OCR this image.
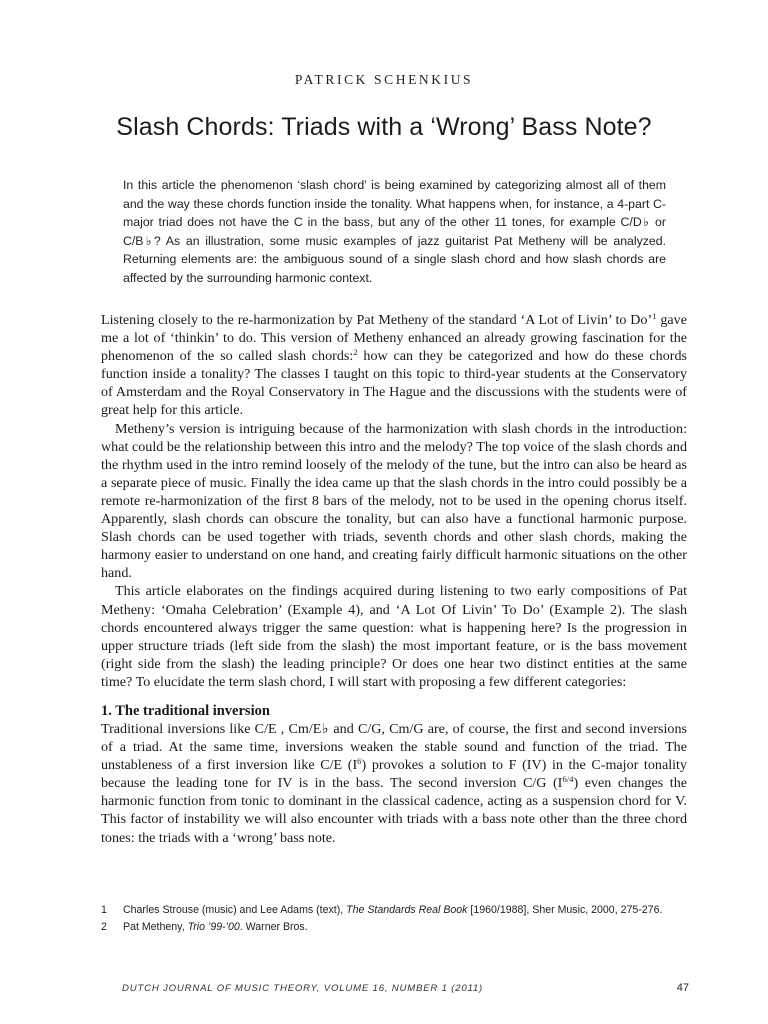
PATRICK SCHENKIUS
Slash Chords: Triads with a ‘Wrong’ Bass Note?

In this article the phenomenon ‘slash chord’ is being examined by categorizing almost all of them and the way these chords function inside the tonality. What happens when, for instance, a 4-part C-major triad does not have the C in the bass, but any of the other 11 tones, for example C/D♭ or C/B♭? As an illustration, some music examples of jazz guitarist Pat Metheny will be analyzed. Returning elements are: the ambiguous sound of a single slash chord and how slash chords are affected by the surrounding harmonic context.

Listening closely to the re-harmonization by Pat Metheny of the standard ‘A Lot of Livin’ to Do’$^1$ gave me a lot of ‘thinkin’ to do. This version of Metheny enhanced an already growing fascination for the phenomenon of the so called slash chords:$^2$ how can they be categorized and how do these chords function inside a tonality? The classes I taught on this topic to third-year students at the Conservatory of Amsterdam and the Royal Conservatory in The Hague and the discussions with the students were of great help for this article.

Metheny’s version is intriguing because of the harmonization with slash chords in the introduction: what could be the relationship between this intro and the melody? The top voice of the slash chords and the rhythm used in the intro remind loosely of the melody of the tune, but the intro can also be heard as a separate piece of music. Finally the idea came up that the slash chords in the intro could possibly be a remote re-harmonization of the first 8 bars of the melody, not to be used in the opening chorus itself. Apparently, slash chords can obscure the tonality, but can also have a functional harmonic purpose. Slash chords can be used together with triads, seventh chords and other slash chords, making the harmony easier to understand on one hand, and creating fairly difficult harmonic situations on the other hand.

This article elaborates on the findings acquired during listening to two early compositions of Pat Metheny: ‘Omaha Celebration’ (Example 4), and ‘A Lot Of Livin’ To Do’ (Example 2). The slash chords encountered always trigger the same question: what is happening here? Is the progression in upper structure triads (left side from the slash) the most important feature, or is the bass movement (right side from the slash) the leading principle? Or does one hear two distinct entities at the same time? To elucidate the term slash chord, I will start with proposing a few different categories:

1. The traditional inversion

Traditional inversions like C/E , Cm/E♭ and C/G, Cm/G are, of course, the first and second inversions of a triad. At the same time, inversions weaken the stable sound and function of the triad. The unstableness of a first inversion like C/E $(I^6)$ provokes a solution to F (IV) in the C-major tonality because the leading tone for IV is in the bass. The second inversion C/G $(I^{6/4})$ even changes the harmonic function from tonic to dominant in the classical cadence, acting as a suspension chord for V. This factor of instability we will also encounter with triads with a bass note other than the three chord tones: the triads with a ‘wrong’ bass note.

1	Charles Strouse (music) and Lee Adams (text), The Standards Real Book [1960/1988], Sher Music, 2000, 275-276.
2	Pat Metheny, Trio ’99-’00. Warner Bros.
DUTCH JOURNAL OF MUSIC THEORY, VOLUME 16, NUMBER 1 (2011)	47
